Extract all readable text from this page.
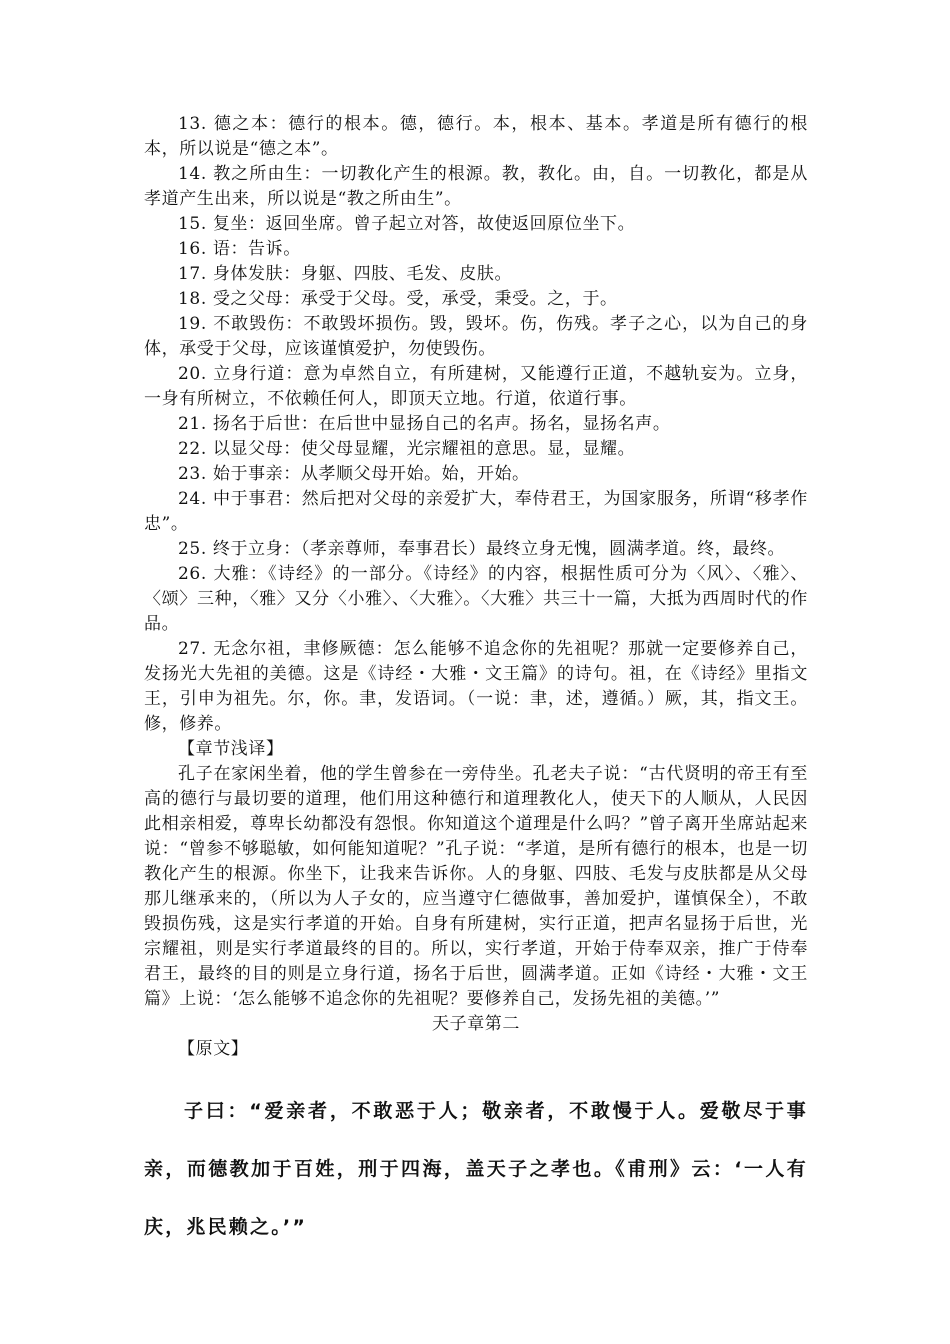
13. 德之本：德行的根本。德，德行。本，根本、基本。孝道是所有德行的根本，所以说是“德之本”。

14. 教之所由生：一切教化产生的根源。教，教化。由，自。一切教化，都是从孝道产生出来，所以说是“教之所由生”。

15. 复坐：返回坐席。曾子起立对答，故使返回原位坐下。

16. 语：告诉。

17. 身体发肤：身躯、四肢、毛发、皮肤。

18. 受之父母：承受于父母。受，承受，秉受。之，于。

19. 不敢毁伤：不敢毁坏损伤。毁，毁坏。伤，伤残。孝子之心，以为自己的身体，承受于父母，应该谨慎爱护，勿使毁伤。

20. 立身行道：意为卓然自立，有所建树，又能遵行正道，不越轨妄为。立身，一身有所树立，不依赖任何人，即顶天立地。行道，依道行事。

21. 扬名于后世：在后世中显扬自己的名声。扬名，显扬名声。

22. 以显父母：使父母显耀，光宗耀祖的意思。显，显耀。

23. 始于事亲：从孝顺父母开始。始，开始。

24. 中于事君：然后把对父母的亲爱扩大，奉侍君王，为国家服务，所谓“移孝作忠”。

25. 终于立身：（孝亲尊师，奉事君长）最终立身无愧，圆满孝道。终，最终。

26. 大雅：《诗经》的一部分。《诗经》的内容，根据性质可分为〈风〉、〈雅〉、〈颂〉三种，〈雅〉又分〈小雅〉、〈大雅〉。〈大雅〉共三十一篇，大抵为西周时代的作品。

27. 无念尔祖，聿修厥德：怎么能够不追念你的先祖呢？那就一定要修养自己，发扬光大先祖的美德。这是《诗经・大雅・文王篇》的诗句。祖，在《诗经》里指文王，引申为祖先。尔，你。聿，发语词。（一说：聿，述，遵循。）厥，其，指文王。修，修养。

【章节浅译】

孔子在家闲坐着，他的学生曾参在一旁侍坐。孔老夫子说：“古代贤明的帝王有至高的德行与最切要的道理，他们用这种德行和道理教化人，使天下的人顺从，人民因此相亲相爱，尊卑长幼都没有怨恨。你知道这个道理是什么吗？”曾子离开坐席站起来说：“曾参不够聪敏，如何能知道呢？”孔子说：“孝道，是所有德行的根本，也是一切教化产生的根源。你坐下，让我来告诉你。人的身躯、四肢、毛发与皮肤都是从父母那儿继承来的，（所以为人子女的，应当遵守仁德做事，善加爱护，谨慎保全），不敢毁损伤残，这是实行孝道的开始。自身有所建树，实行正道，把声名显扬于后世，光宗耀祖，则是实行孝道最终的目的。所以，实行孝道，开始于侍奉双亲，推广于侍奉君王，最终的目的则是立身行道，扬名于后世，圆满孝道。正如《诗经・大雅・文王篇》上说：‘怎么能够不追念你的先祖呢？要修养自己，发扬先祖的美德。’”

天子章第二

【原文】

子曰：“爱亲者，不敢恶于人；敬亲者，不敢慢于人。爱敬尽于事亲，而德教加于百姓，刑于四海，盖天子之孝也。《甫刑》云：‘一人有庆，兆民赖之。’”
